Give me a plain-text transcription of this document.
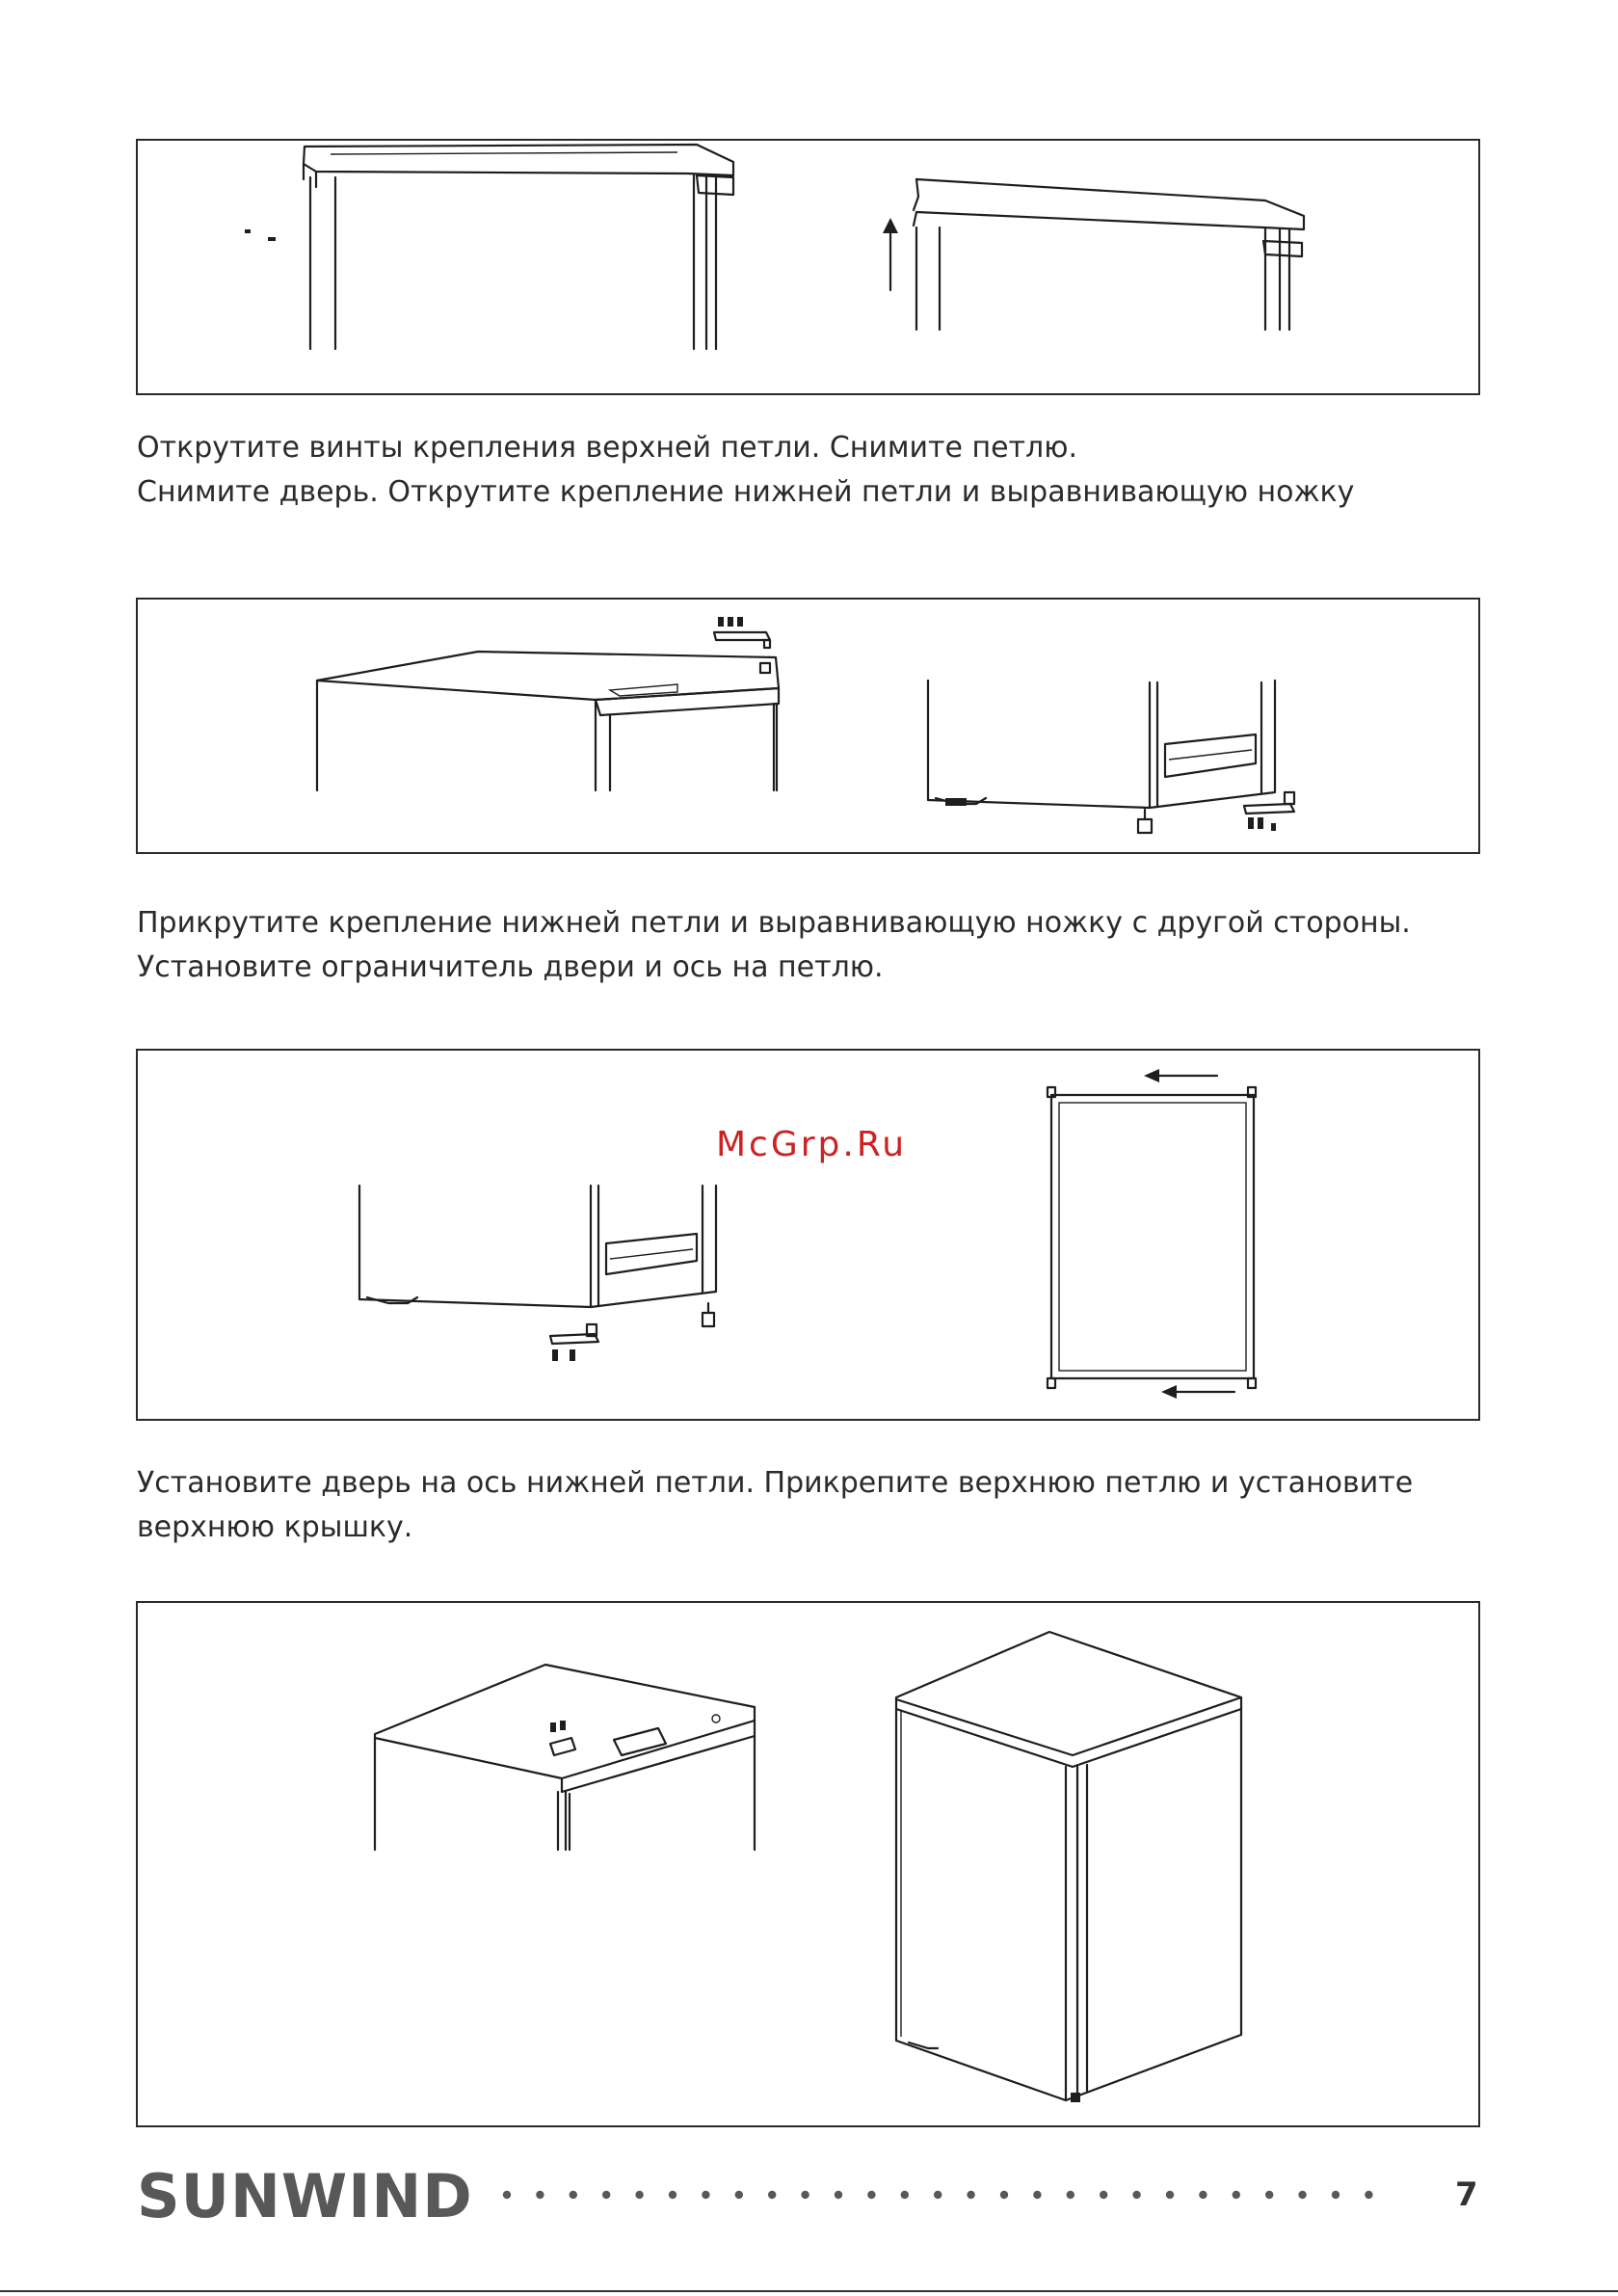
Открутите винты крепления верхней петли. Снимите петлю.
Снимите дверь. Открутите крепление нижней петли и выравнивающую ножку
Прикрутите крепление нижней петли и выравнивающую ножку с другой стороны.
Установите ограничитель двери и ось на петлю.
McGrp.Ru
Установите дверь на ось нижней петли. Прикрепите верхнюю петлю и установите
верхнюю крышку.
SUNWIND	7
